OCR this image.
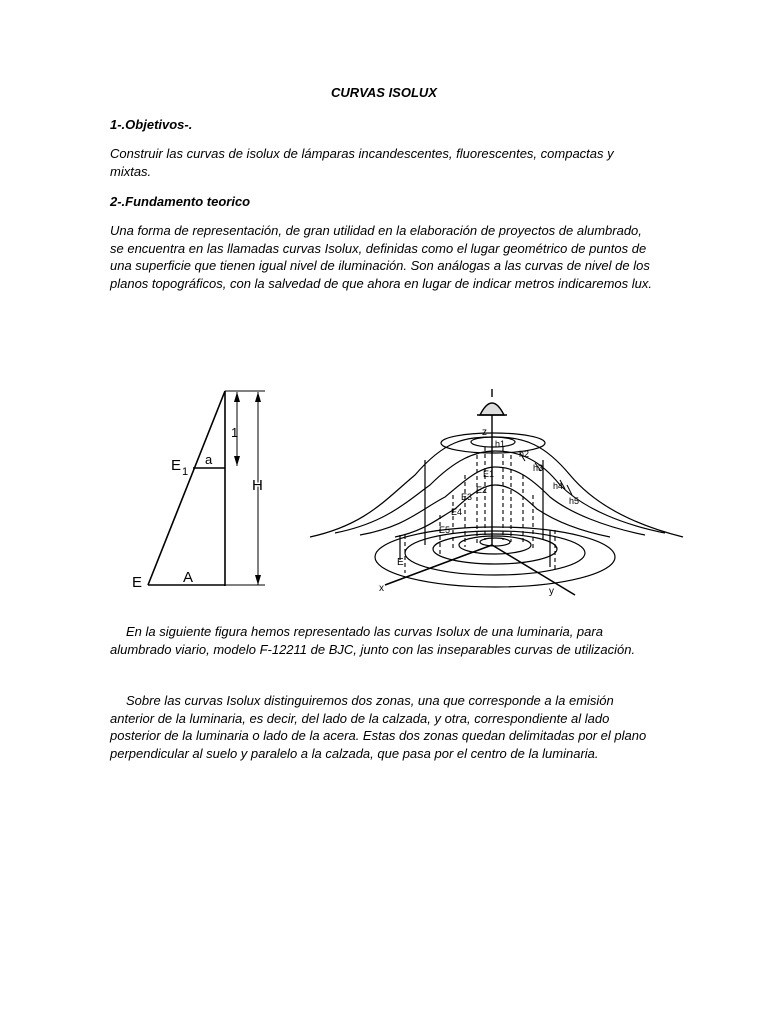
CURVAS ISOLUX
1-.Objetivos-.

Construir las curvas de isolux de lámparas incandescentes, fluorescentes, compactas y mixtas.

2-.Fundamento teorico

Una forma de representación, de gran utilidad en la elaboración de proyectos de alumbrado, se encuentra en las llamadas curvas Isolux, definidas como el lugar geométrico de puntos de una superficie que tienen igual nivel de iluminación. Son análogas a las curvas de nivel de los planos topográficos, con la salvedad de que ahora en lugar de indicar metros indicaremos lux.

E 1
E
a
A
1
H
z
x	y
E
E1
E2
E3
E4
E5
h1
h2
h3
h4
h5

En la siguiente figura hemos representado las curvas Isolux de una luminaria, para alumbrado viario, modelo F-12211 de BJC, junto con las inseparables curvas de utilización.

Sobre las curvas Isolux distinguiremos dos zonas, una que corresponde a la emisión anterior de la luminaria, es decir, del lado de la calzada, y otra, correspondiente al lado posterior de la luminaria o lado de la acera. Estas dos zonas quedan delimitadas por el plano perpendicular al suelo y paralelo a la calzada, que pasa por el centro de la luminaria.
